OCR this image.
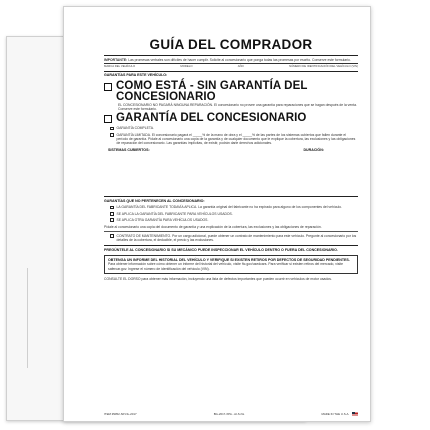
GUÍA DEL COMPRADOR
IMPORTANTE: Las promesas verbales son difíciles de hacer cumplir. Solicite al concesionario que ponga todas las promesas por escrito. Conserve este formulario.
MARCA DEL VEHÍCULO	MODELO	AÑO	NÚMERO DE IDENTIFICACIÓN DEL VEHÍCULO (VIN)
GARANTÍAS PARA ESTE VEHÍCULO:
COMO ESTÁ - SIN GARANTÍA DEL
CONCESIONARIO
EL CONCESIONARIO NO PAGARÁ NINGUNA REPARACIÓN. El concesionario no provee una garantía para reparaciones que se hagan después de la venta. Conserve este formulario.
GARANTÍA DEL CONCESIONARIO
GARANTÍA COMPLETA.
GARANTÍA LIMITADA. El concesionario pagará el _____% de la mano de obra y el _____% de las partes de los sistemas cubiertos que fallen durante el período de garantía. Pídale al concesionario una copia de la garantía y de cualquier documento que le explique la cobertura, las exclusiones y las obligaciones de reparación del concesionario. Las garantías implícitas, de existir, podrán darle derechos adicionales.
SISTEMAS CUBIERTOS:	DURACIÓN:
GARANTÍAS QUE NO PERTENECEN AL CONCESIONARIO:
LA GARANTÍA DEL FABRICANTE TODAVÍA APLICA. La garantía original del fabricante no ha expirado para alguno de los componentes del vehículo.
SE APLICA LA GARANTÍA DEL FABRICANTE PARA VEHÍCULOS USADOS.
SE APLICA OTRA GARANTÍA PARA VEHÍCULOS USADOS.
Pídale al concesionario una copia del documento de garantía y una explicación de la cobertura, las exclusiones y las obligaciones de reparación.
CONTRATO DE MANTENIMIENTO. Por un cargo adicional, puede obtener un contrato de mantenimiento para este vehículo. Pregunte al concesionario por los detalles de la cobertura, el deducible, el precio y las exclusiones.
PREGÚNTELE AL CONCESIONARIO SI SU MECÁNICO PUEDE INSPECCIONAR EL VEHÍCULO DENTRO O FUERA DEL CONCESIONARIO.
OBTENGA UN INFORME DEL HISTORIAL DEL VEHÍCULO Y VERIFIQUE SI EXISTEN RETIROS POR DEFECTOS DE SEGURIDAD PENDIENTES.
Para obtener información sobre cómo obtener un informe del historial del vehículo, visite ftc.gov/usedcars. Para verificar si existen retiros del mercado, visite safercar.gov. Ingrese el número de identificación del vehículo (VIN).
CONSULTE EL DORSO para obtener más información, incluyendo una lista de defectos importantes que pueden ocurrir en vehículos de motor usados.
ITEM #9052-SP-NL-2017	BG-2017-XPA - AI-S-NL	MADE IN THE U.S.A.
